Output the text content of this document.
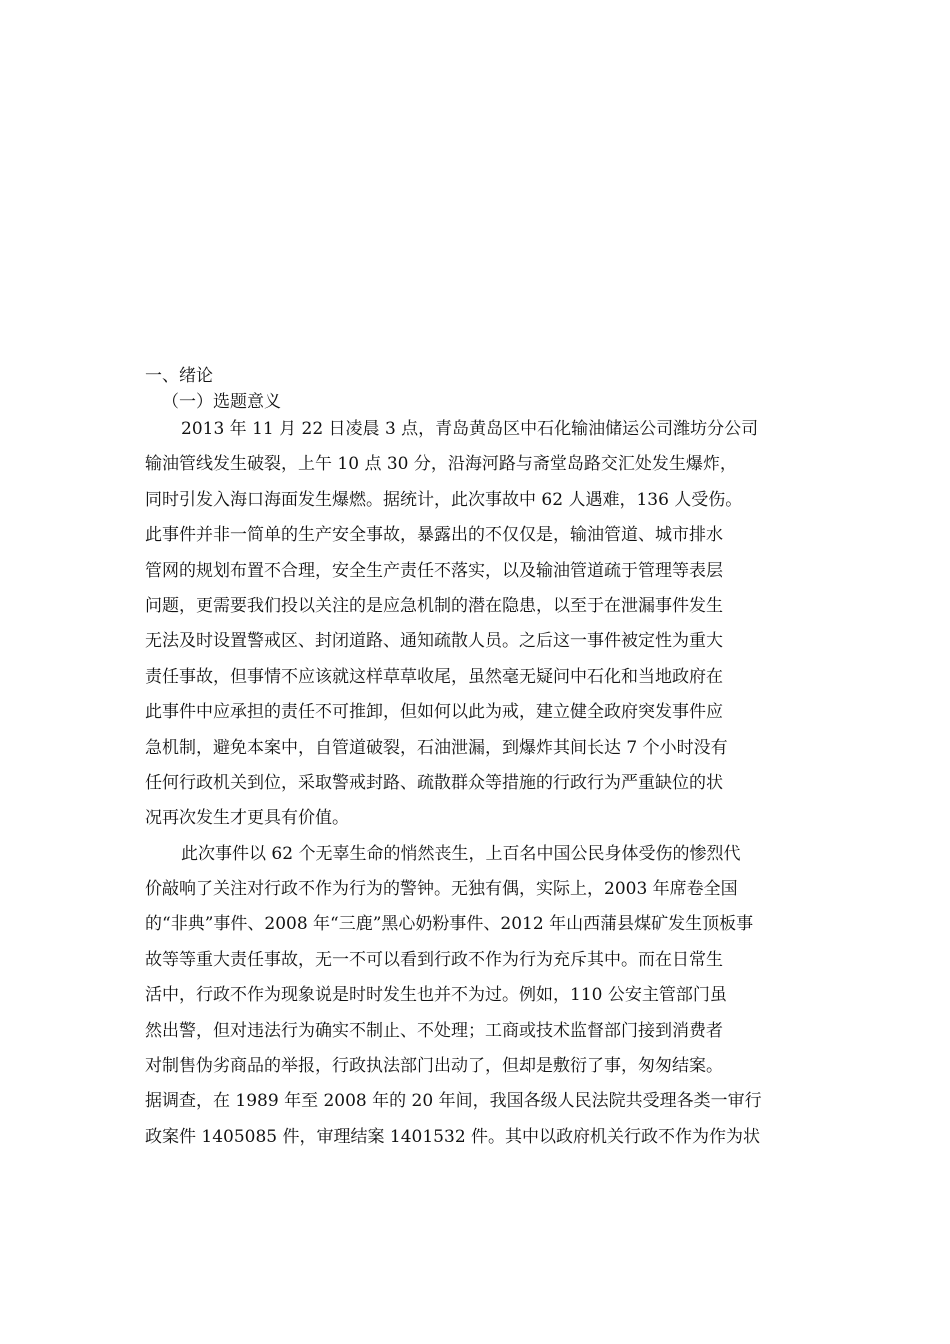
一、绪论
（一）选题意义
2013 年 11 月 22 日凌晨 3 点，青岛黄岛区中石化输油储运公司潍坊分公司
输油管线发生破裂，上午 10 点 30 分，沿海河路与斋堂岛路交汇处发生爆炸，
同时引发入海口海面发生爆燃。据统计，此次事故中 62 人遇难，136 人受伤。
此事件并非一简单的生产安全事故，暴露出的不仅仅是，输油管道、城市排水
管网的规划布置不合理，安全生产责任不落实，以及输油管道疏于管理等表层
问题，更需要我们投以关注的是应急机制的潜在隐患，以至于在泄漏事件发生
无法及时设置警戒区、封闭道路、通知疏散人员。之后这一事件被定性为重大
责任事故，但事情不应该就这样草草收尾，虽然毫无疑问中石化和当地政府在
此事件中应承担的责任不可推卸，但如何以此为戒，建立健全政府突发事件应
急机制，避免本案中，自管道破裂，石油泄漏，到爆炸其间长达 7 个小时没有
任何行政机关到位，采取警戒封路、疏散群众等措施的行政行为严重缺位的状
况再次发生才更具有价值。
此次事件以 62 个无辜生命的悄然丧生，上百名中国公民身体受伤的惨烈代
价敲响了关注对行政不作为行为的警钟。无独有偶，实际上，2003 年席卷全国
的“非典”事件、2008 年“三鹿”黑心奶粉事件、2012 年山西蒲县煤矿发生顶板事
故等等重大责任事故，无一不可以看到行政不作为行为充斥其中。而在日常生
活中，行政不作为现象说是时时发生也并不为过。例如，110 公安主管部门虽
然出警，但对违法行为确实不制止、不处理；工商或技术监督部门接到消费者
对制售伪劣商品的举报，行政执法部门出动了，但却是敷衍了事，匆匆结案。
据调查，在 1989 年至 2008 年的 20 年间，我国各级人民法院共受理各类一审行
政案件 1405085 件，审理结案 1401532 件。其中以政府机关行政不作为作为状
